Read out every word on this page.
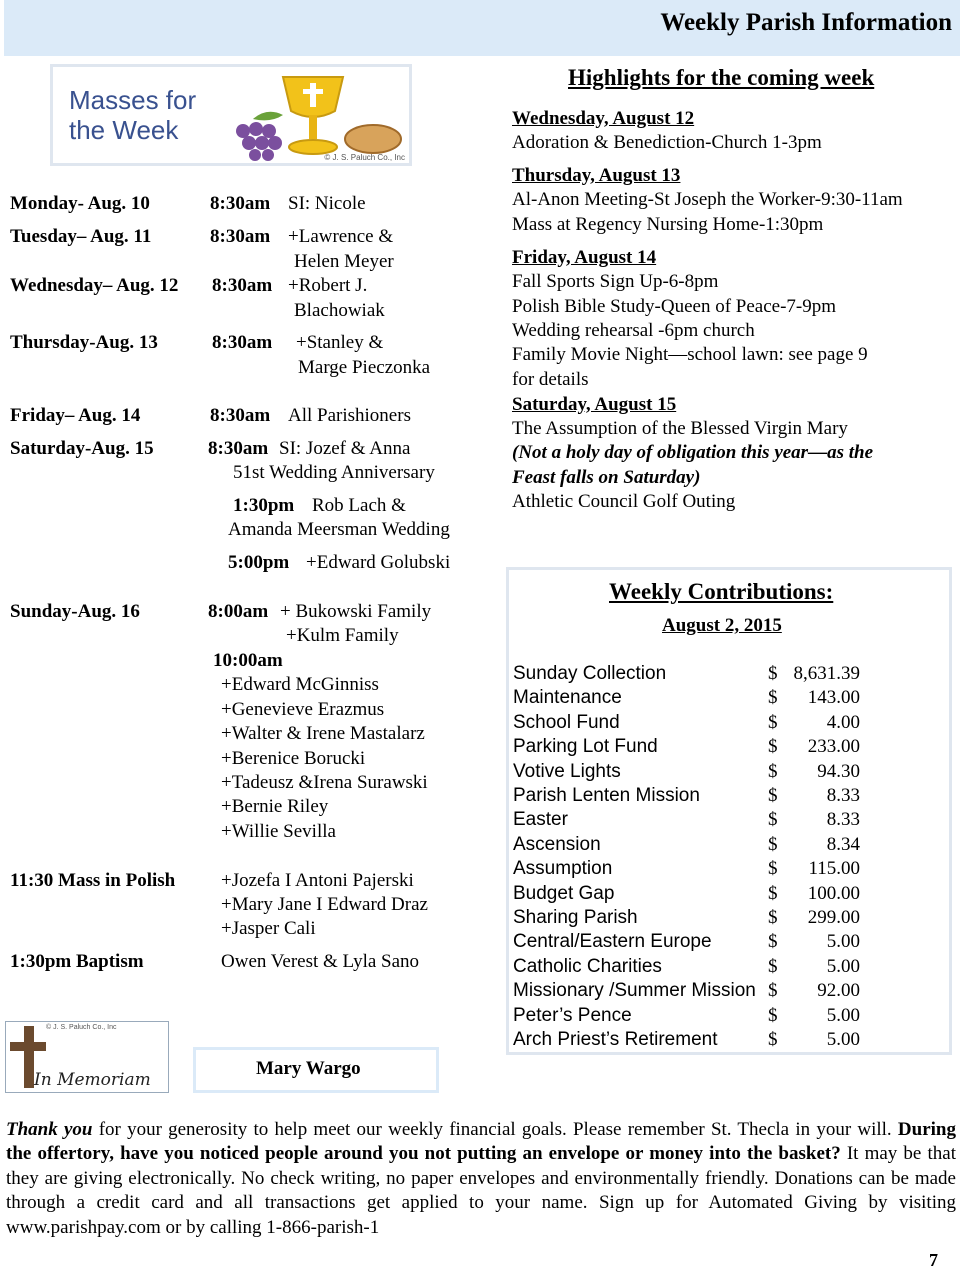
Weekly Parish Information
Masses for
the Week
© J. S. Paluch Co., Inc
Monday- Aug. 10	8:30am SI: Nicole
Tuesday– Aug. 11	8:30am +Lawrence &
Helen Meyer
Wednesday– Aug. 12 8:30am +Robert J.
Blachowiak
Thursday-Aug. 13	8:30am +Stanley &
Marge Pieczonka
Friday– Aug. 14	8:30am All Parishioners
Saturday-Aug. 15	8:30am SI: Jozef & Anna
51st Wedding Anniversary
1:30pm Rob Lach &
Amanda Meersman Wedding
5:00pm +Edward Golubski
Sunday-Aug. 16	8:00am + Bukowski Family
+Kulm Family
10:00am
+Edward McGinniss
+Genevieve Erazmus
+Walter & Irene Mastalarz
+Berenice Borucki
+Tadeusz &Irena Surawski
+Bernie Riley
+Willie Sevilla
11:30 Mass in Polish +Jozefa I Antoni Pajerski
+Mary Jane I Edward Draz
+Jasper Cali
1:30pm Baptism	Owen Verest & Lyla Sano
In Memoriam
© J. S. Paluch Co., Inc
Mary Wargo
Highlights for the coming week
Wednesday, August 12
Adoration & Benediction-Church 1-3pm
Thursday, August 13
Al-Anon Meeting-St Joseph the Worker-9:30-11am
Mass at Regency Nursing Home-1:30pm
Friday, August 14
Fall Sports Sign Up-6-8pm
Polish Bible Study-Queen of Peace-7-9pm
Wedding rehearsal -6pm church
Family Movie Night—school lawn: see page 9
for details
Saturday, August 15
The Assumption of the Blessed Virgin Mary
(Not a holy day of obligation this year—as the
Feast falls on Saturday)
Athletic Council Golf Outing
Weekly Contributions:
August 2, 2015
Sunday Collection	$ 8,631.39
Maintenance	$ 143.00
School Fund	$	4.00
Parking Lot Fund	$ 233.00
Votive Lights	$ 94.30
Parish Lenten Mission	$	8.33
Easter	$	8.33
Ascension	$	8.34
Assumption	$ 115.00
Budget Gap	$ 100.00
Sharing Parish	$ 299.00
Central/Eastern Europe	$	5.00
Catholic Charities	$	5.00
Missionary /Summer Mission $ 92.00
Peter’s Pence	$	5.00
Arch Priest’s Retirement	$	5.00
Thank you for your generosity to help meet our weekly financial goals. Please remember St. Thecla in your will. During the offertory, have you noticed people around you not putting an envelope or money into the basket? It may be that they are giving electronically. No check writing, no paper envelopes and environmentally friendly. Donations can be made through a credit card and all transactions get applied to your name. Sign up for Automated Giving by visiting www.parishpay.com or by calling 1-866-parish-1
7
